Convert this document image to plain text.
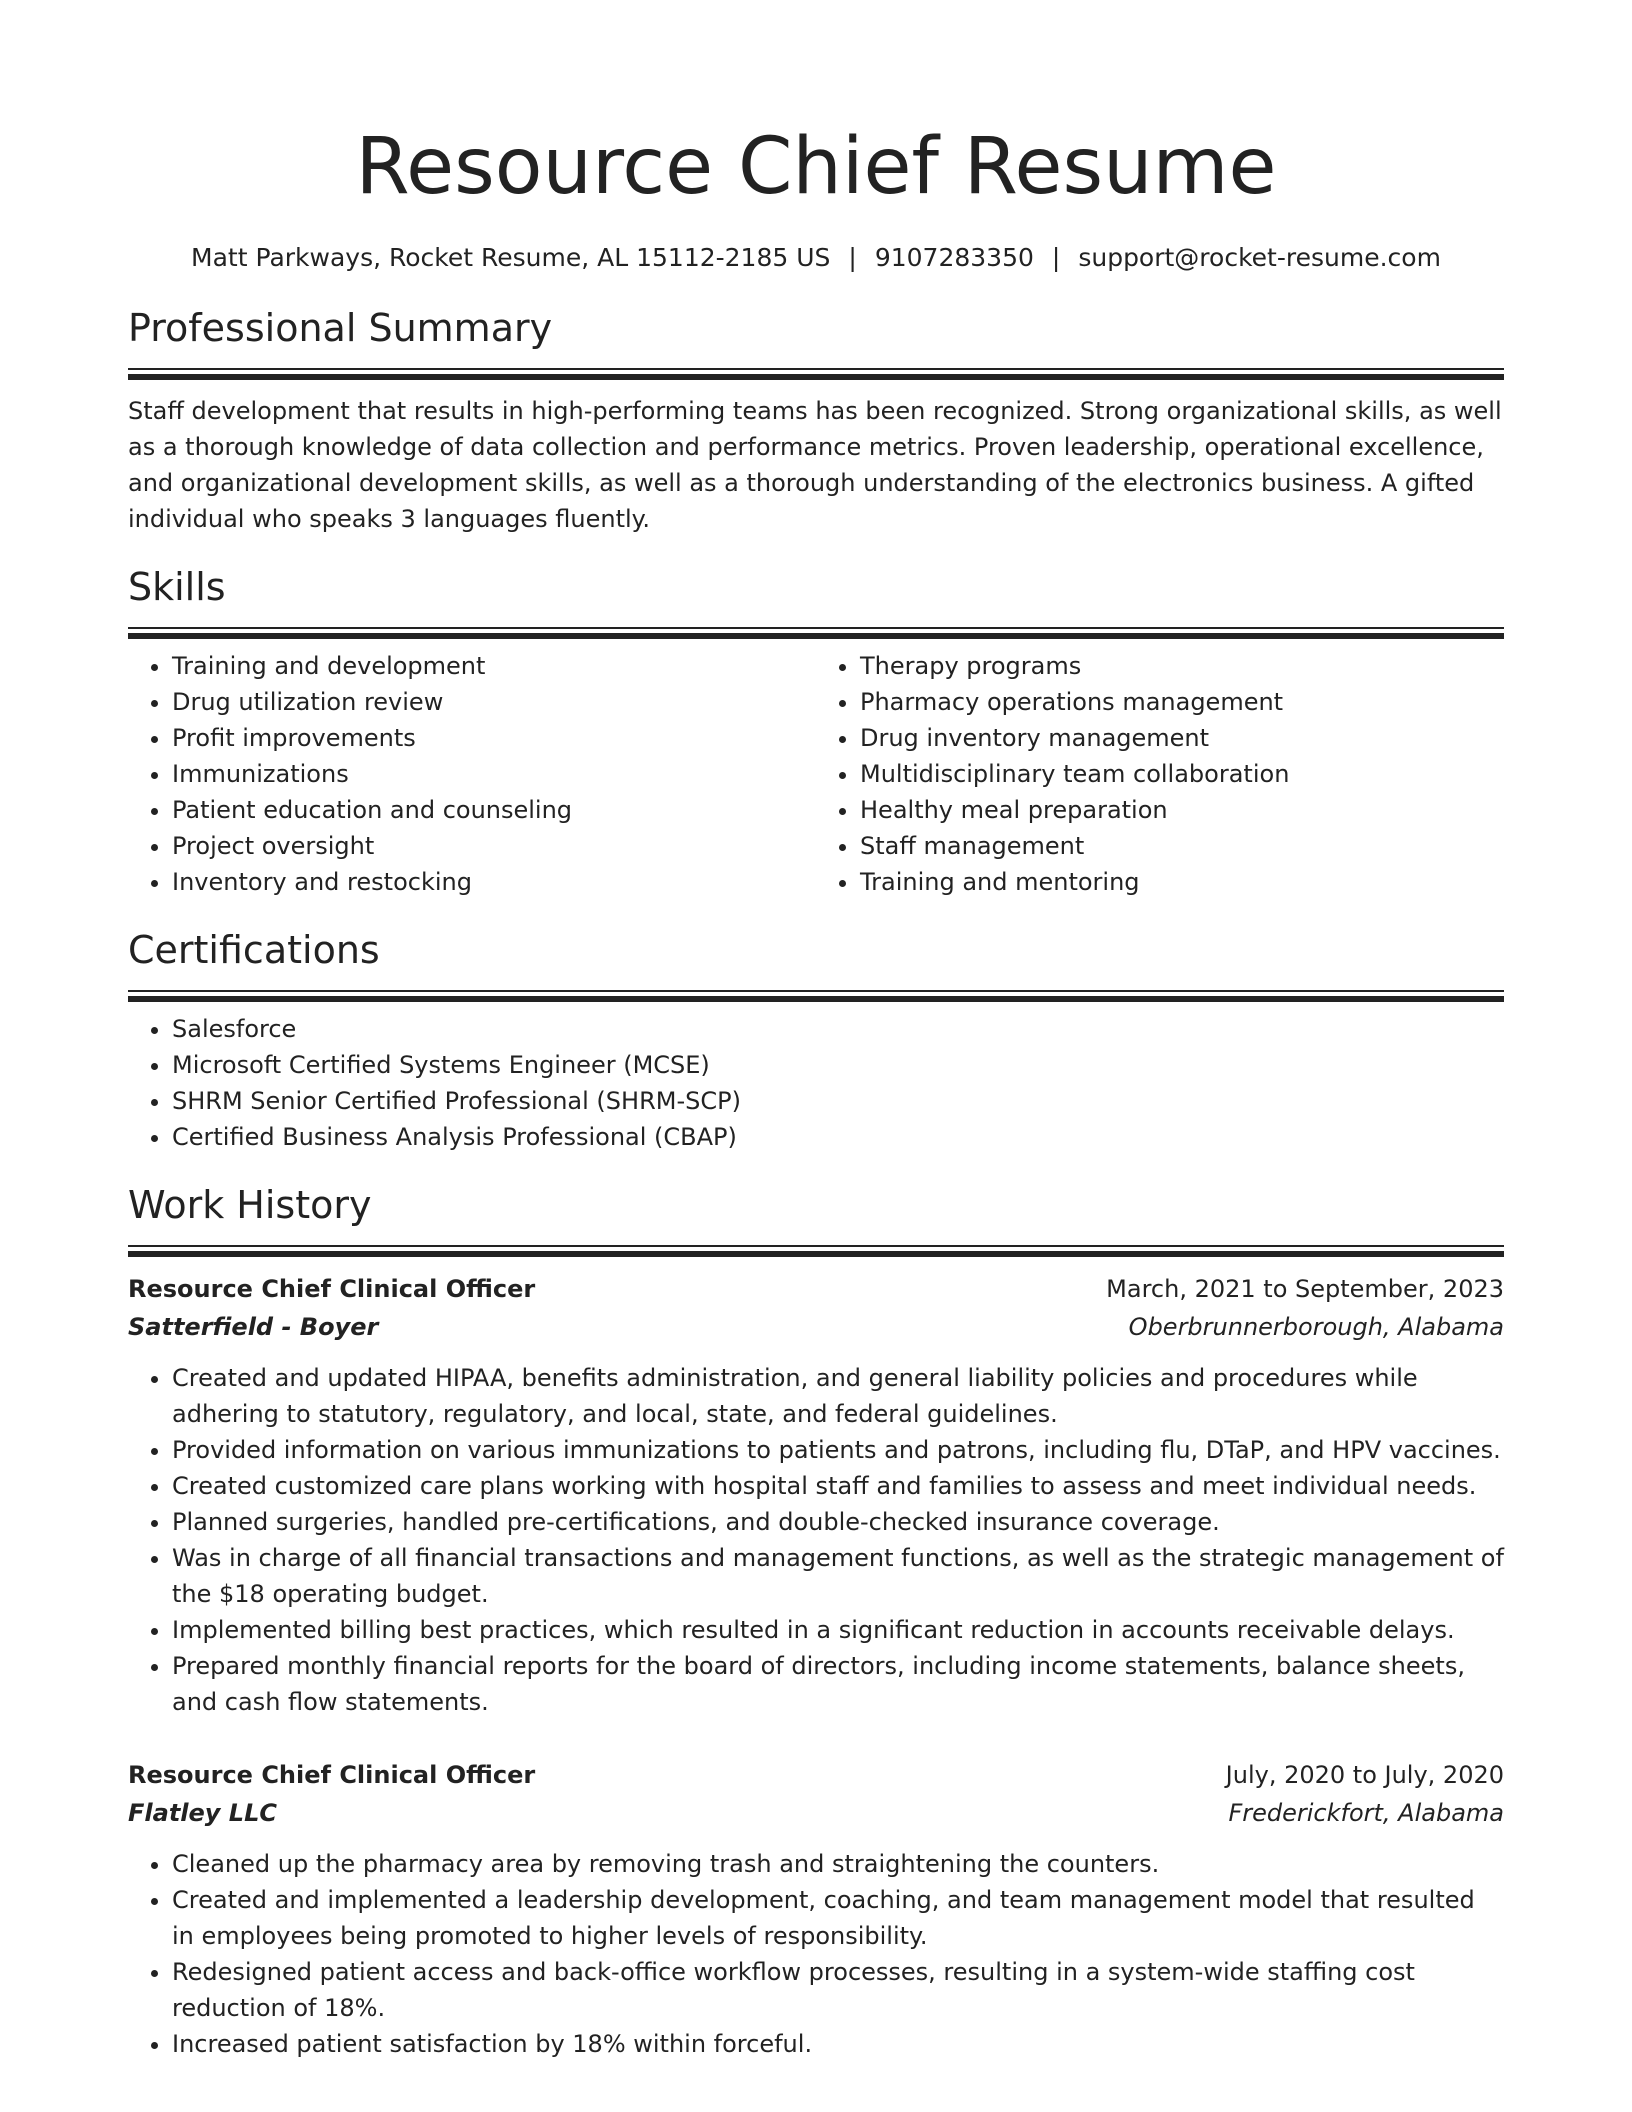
Resource Chief Resume
Matt Parkways, Rocket Resume, AL 15112-2185 US | 9107283350 | support@rocket-resume.com
Professional Summary
Staff development that results in high-performing teams has been recognized. Strong organizational skills, as well as a thorough knowledge of data collection and performance metrics. Proven leadership, operational excellence, and organizational development skills, as well as a thorough understanding of the electronics business. A gifted individual who speaks 3 languages fluently.
Skills
• Training and development
• Drug utilization review
• Profit improvements
• Immunizations
• Patient education and counseling
• Project oversight
• Inventory and restocking
• Therapy programs
• Pharmacy operations management
• Drug inventory management
• Multidisciplinary team collaboration
• Healthy meal preparation
• Staff management
• Training and mentoring
Certifications
• Salesforce
• Microsoft Certified Systems Engineer (MCSE)
• SHRM Senior Certified Professional (SHRM-SCP)
• Certified Business Analysis Professional (CBAP)
Work History
Resource Chief Clinical Officer	March, 2021 to September, 2023
Satterfield - Boyer	Oberbrunnerborough, Alabama
• Created and updated HIPAA, benefits administration, and general liability policies and procedures while adhering to statutory, regulatory, and local, state, and federal guidelines.
• Provided information on various immunizations to patients and patrons, including flu, DTaP, and HPV vaccines.
• Created customized care plans working with hospital staff and families to assess and meet individual needs.
• Planned surgeries, handled pre-certifications, and double-checked insurance coverage.
• Was in charge of all financial transactions and management functions, as well as the strategic management of the $18 operating budget.
• Implemented billing best practices, which resulted in a significant reduction in accounts receivable delays.
• Prepared monthly financial reports for the board of directors, including income statements, balance sheets, and cash flow statements.
Resource Chief Clinical Officer	July, 2020 to July, 2020
Flatley LLC	Frederickfort, Alabama
• Cleaned up the pharmacy area by removing trash and straightening the counters.
• Created and implemented a leadership development, coaching, and team management model that resulted in employees being promoted to higher levels of responsibility.
• Redesigned patient access and back-office workflow processes, resulting in a system-wide staffing cost reduction of 18%.
• Increased patient satisfaction by 18% within forceful.
